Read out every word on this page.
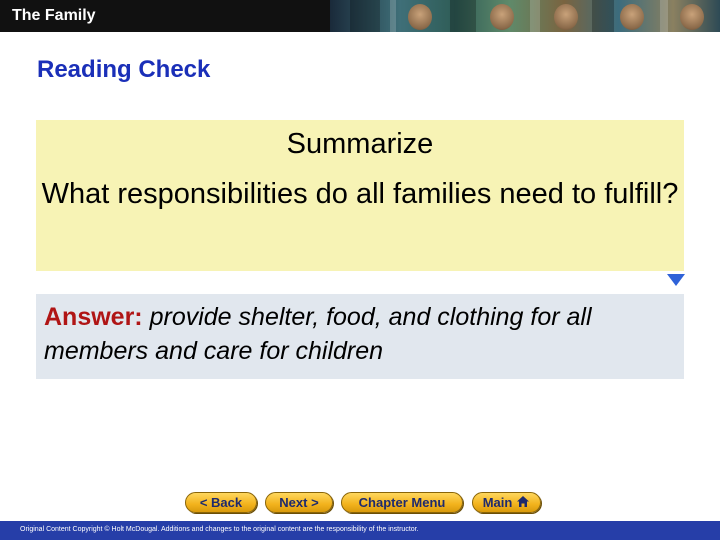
The Family
Reading Check
Summarize
What responsibilities do all families need to fulfill?
Answer: provide shelter, food, and clothing for all members and care for children
< Back	Next >	Chapter Menu	Main
Original Content Copyright © Holt McDougal. Additions and changes to the original content are the responsibility of the instructor.
